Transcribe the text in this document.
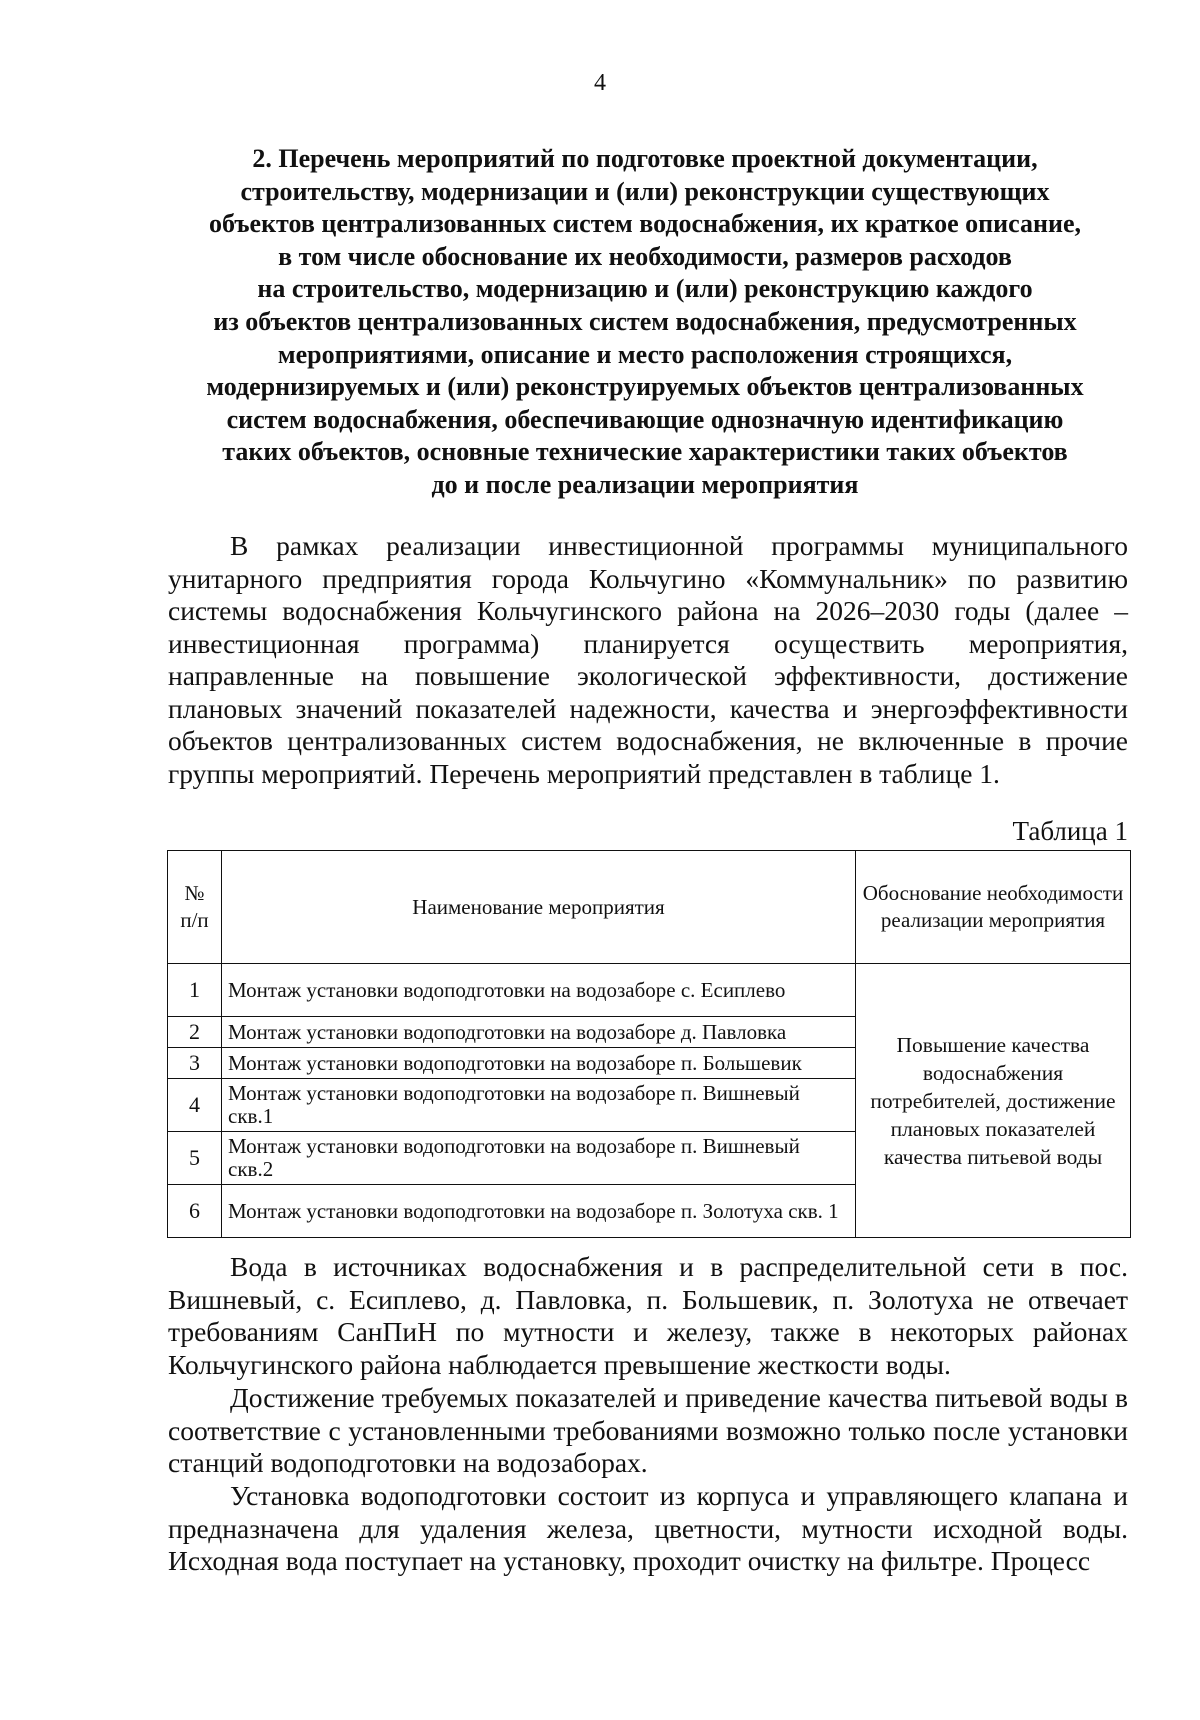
4
2. Перечень мероприятий по подготовке проектной документации,
строительству, модернизации и (или) реконструкции существующих
объектов централизованных систем водоснабжения, их краткое описание,
в том числе обоснование их необходимости, размеров расходов
на строительство, модернизацию и (или) реконструкцию каждого
из объектов централизованных систем водоснабжения, предусмотренных
мероприятиями, описание и место расположения строящихся,
модернизируемых и (или) реконструируемых объектов централизованных
систем водоснабжения, обеспечивающие однозначную идентификацию
таких объектов, основные технические характеристики таких объектов
до и после реализации мероприятия

В рамках реализации инвестиционной программы муниципального унитарного предприятия города Кольчугино «Коммунальник» по развитию системы водоснабжения Кольчугинского района на 2026–2030 годы (далее – инвестиционная программа) планируется осуществить мероприятия, направленные на повышение экологической эффективности, достижение плановых значений показателей надежности, качества и энергоэффективности объектов централизованных систем водоснабжения, не включенные в прочие группы мероприятий. Перечень мероприятий представлен в таблице 1.

Таблица 1
№ п/п	Наименование мероприятия	Обоснование необходимости реализации мероприятия
1	Монтаж установки водоподготовки на водозаборе с. Есиплево	Повышение качества водоснабжения потребителей, достижение плановых показателей качества питьевой воды
2	Монтаж установки водоподготовки на водозаборе д. Павловка	
3	Монтаж установки водоподготовки на водозаборе п. Большевик	
4	Монтаж установки водоподготовки на водозаборе п. Вишневый скв.1	
5	Монтаж установки водоподготовки на водозаборе п. Вишневый скв.2	
6	Монтаж установки водоподготовки на водозаборе п. Золотуха скв. 1	

Вода в источниках водоснабжения и в распределительной сети в пос. Вишневый, с. Есиплево, д. Павловка, п. Большевик, п. Золотуха не отвечает требованиям СанПиН по мутности и железу, также в некоторых районах Кольчугинского района наблюдается превышение жесткости воды.

Достижение требуемых показателей и приведение качества питьевой воды в соответствие с установленными требованиями возможно только после установки станций водоподготовки на водозаборах.

Установка водоподготовки состоит из корпуса и управляющего клапана и предназначена для удаления железа, цветности, мутности исходной воды. Исходная вода поступает на установку, проходит очистку на фильтре. Процесс
